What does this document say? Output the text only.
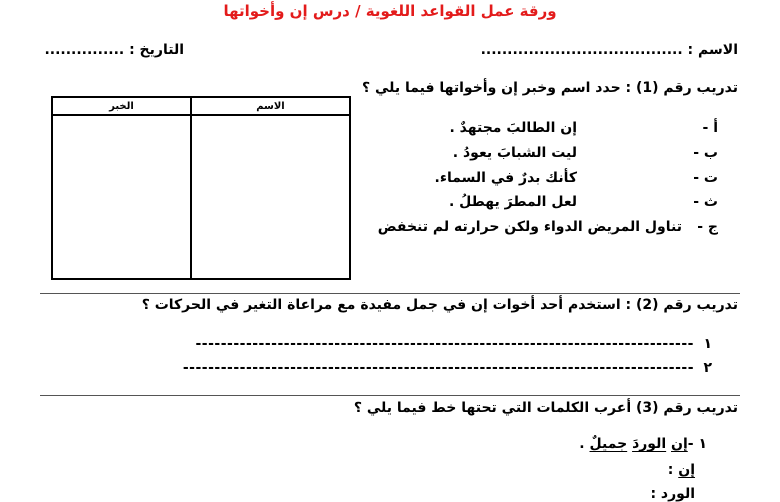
ورقة عمل القواعد اللغوية / درس إن وأخواتها
الاسم : ......................................
التاريخ : ...............
تدريب رقم (1) : حدد اسم وخبر إن وأخواتها فيما يلي ؟
الخبر	الاسم

أ -
إن الطالبَ مجتهدٌ .
ب -
ليت الشبابَ يعودُ .
ت -
كأنك بدرٌ في السماء.
ث -
لعل المطرَ يهطلُ .
ج -
تناول المريض الدواء ولكن حرارته لم تنخفض
تدريب رقم (2) : استخدم أحد أخوات إن في جمل مفيدة مع مراعاة التغير في الحركات ؟
١
-------------------------------------------------------------------------------
٢
---------------------------------------------------------------------------------
تدريب رقم (3) أعرب الكلمات التي تحتها خط فيما يلي ؟
١ -إن الوردَ جميلٌ .
إن :
الورد :
